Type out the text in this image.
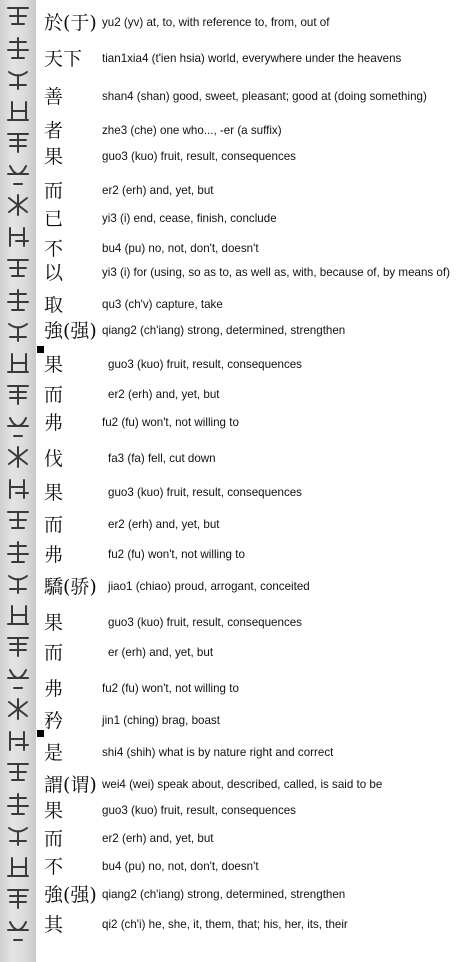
於(于) yu2 (yv) at, to, with reference to, from, out of
天下 tian1xia4 (t'ien hsia) world, everywhere under the heavens
善	shan4 (shan) good, sweet, pleasant; good at (doing something)
者	zhe3 (che) one who..., -er (a suffix)
果	guo3 (kuo) fruit, result, consequences
而	er2 (erh) and, yet, but
已	yi3 (i) end, cease, finish, conclude
不	bu4 (pu) no, not, don't, doesn't
以	yi3 (i) for (using, so as to, as well as, with, because of, by means of)
取	qu3 (ch'v) capture, take
強(强) qiang2 (ch'iang) strong, determined, strengthen
果	guo3 (kuo) fruit, result, consequences
而	er2 (erh) and, yet, but
弗	fu2 (fu) won't, not willing to
伐	fa3 (fa) fell, cut down
果	guo3 (kuo) fruit, result, consequences
而	er2 (erh) and, yet, but
弗	fu2 (fu) won't, not willing to
驕(骄) jiao1 (chiao) proud, arrogant, conceited
果	guo3 (kuo) fruit, result, consequences
而	er (erh) and, yet, but
弗	fu2 (fu) won't, not willing to
矜	jin1 (ching) brag, boast
是	shi4 (shih) what is by nature right and correct
謂(谓) wei4 (wei) speak about, described, called, is said to be
果	guo3 (kuo) fruit, result, consequences
而	er2 (erh) and, yet, but
不	bu4 (pu) no, not, don't, doesn't
強(强) qiang2 (ch'iang) strong, determined, strengthen
其	qi2 (ch'i) he, she, it, them, that; his, her, its, their
